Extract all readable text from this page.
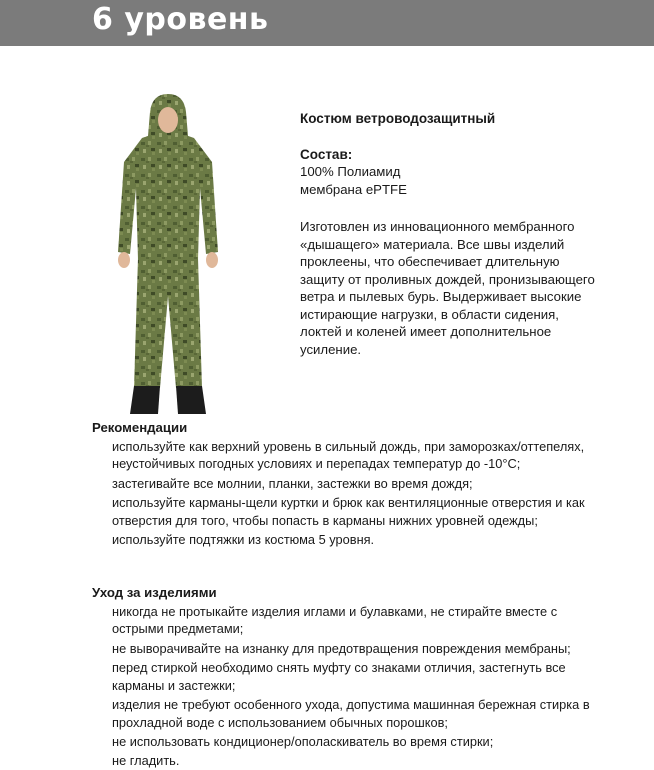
6 уровень
Костюм ветроводозащитный
Состав:
100% Полиамид
мембрана ePTFE
Изготовлен из инновационного мембранного «дышащего» материала. Все швы изделий проклеены, что обеспечивает длительную защиту от проливных дождей, пронизывающего ветра и пылевых бурь. Выдерживает высокие истирающие нагрузки, в области сидения, локтей и коленей имеет дополнительное усиление.
Рекомендации
используйте как верхний уровень в сильный дождь, при заморозках/оттепелях, неустойчивых погодных условиях и перепадах температур до -10°С;
застегивайте все молнии, планки, застежки во время дождя;
используйте карманы-щели куртки и брюк как вентиляционные отверстия и как отверстия для того, чтобы попасть в карманы нижних уровней одежды;
используйте подтяжки из костюма 5 уровня.
Уход за изделиями
никогда не протыкайте изделия иглами и булавками, не стирайте вместе с острыми предметами;
не выворачивайте на изнанку для предотвращения повреждения мембраны;
перед стиркой необходимо снять муфту со знаками отличия, застегнуть все карманы и застежки;
изделия не требуют особенного ухода, допустима машинная бережная стирка в прохладной воде с использованием обычных порошков;
не использовать кондиционер/ополаскиватель во время стирки;
не гладить.
